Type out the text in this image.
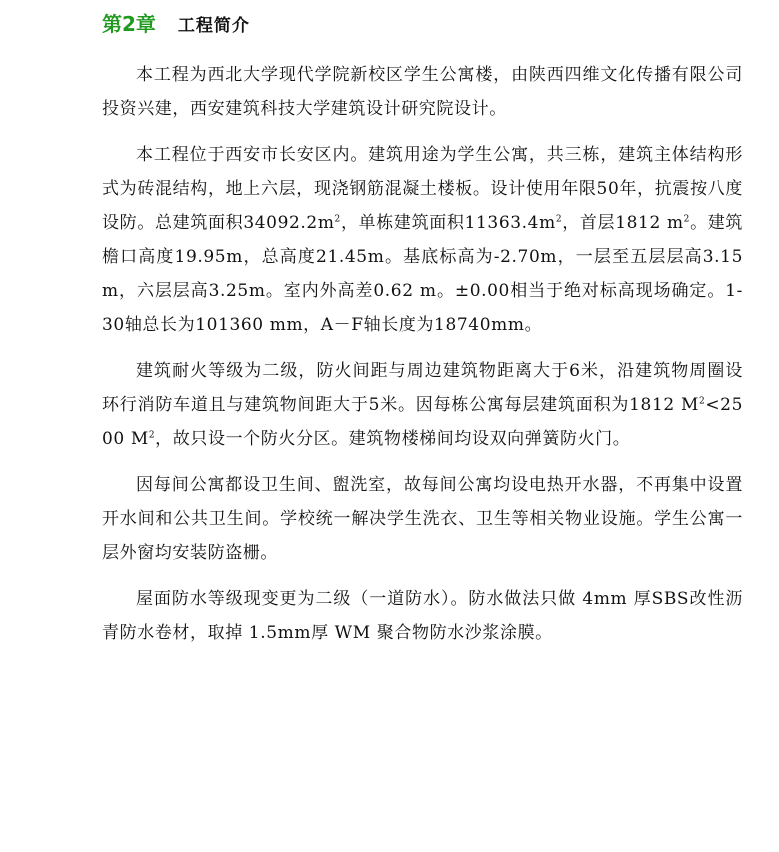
第2章 工程简介

本工程为西北大学现代学院新校区学生公寓楼，由陕西四维文化传播有限公司投资兴建，西安建筑科技大学建筑设计研究院设计。

本工程位于西安市长安区内。建筑用途为学生公寓，共三栋，建筑主体结构形式为砖混结构，地上六层，现浇钢筋混凝土楼板。设计使用年限50年，抗震按八度设防。总建筑面积$34092.2m^2$，单栋建筑面积$11363.4m^2$，首层1812 $m^2$。建筑檐口高度19.95m，总高度21.45m。基底标高为-2.70m，一层至五层层高3.15m，六层层高3.25m。室内外高差0.62 m。±0.00相当于绝对标高现场确定。1-30轴总长为101360 mm，A－F轴长度为18740mm。

建筑耐火等级为二级，防火间距与周边建筑物距离大于6米，沿建筑物周圈设环行消防车道且与建筑物间距大于5米。因每栋公寓每层建筑面积为1812 $M^2<2500$ $M^2$，故只设一个防火分区。建筑物楼梯间均设双向弹簧防火门。

因每间公寓都设卫生间、盥洗室，故每间公寓均设电热开水器，不再集中设置开水间和公共卫生间。学校统一解决学生洗衣、卫生等相关物业设施。学生公寓一层外窗均安装防盗栅。

屋面防水等级现变更为二级（一道防水）。防水做法只做 4mm 厚SBS改性沥青防水卷材，取掉 1.5mm厚 WM 聚合物防水沙浆涂膜。
